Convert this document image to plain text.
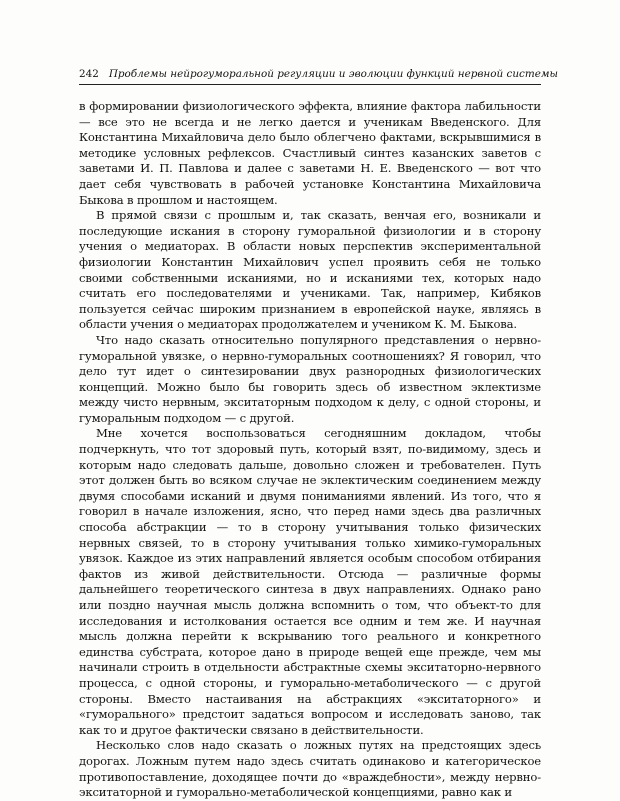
242 Проблемы нейрогуморальной регуляции и эволюции функций нервной системы

в формировании физиологического эффекта, влияние фактора лабильности — все это не всегда и не легко дается и ученикам Введенского. Для Константина Михайловича дело было облегчено фактами, вскрывшимися в методике условных рефлексов. Счастливый синтез казанских заветов с заветами И. П. Павлова и далее с заветами Н. Е. Введенского — вот что дает себя чувствовать в рабочей установке Константина Михайловича Быкова в прошлом и настоящем.

В прямой связи с прошлым и, так сказать, венчая его, возникали и последующие искания в сторону гуморальной физиологии и в сторону учения о медиаторах. В области новых перспектив экспериментальной физиологии Константин Михайлович успел проявить себя не только своими собственными исканиями, но и исканиями тех, которых надо считать его последователями и учениками. Так, например, Кибяков пользуется сейчас широким признанием в европейской науке, являясь в области учения о медиаторах продолжателем и учеником К. М. Быкова.

Что надо сказать относительно популярного представления о нервно-гуморальной увязке, о нервно-гуморальных соотношениях? Я говорил, что дело тут идет о синтезировании двух разнородных физиологических концепций. Можно было бы говорить здесь об известном эклектизме между чисто нервным, экситаторным подходом к делу, с одной стороны, и гуморальным подходом — с другой.

Мне хочется воспользоваться сегодняшним докладом, чтобы подчеркнуть, что тот здоровый путь, который взят, по-видимому, здесь и которым надо следовать дальше, довольно сложен и требователен. Путь этот должен быть во всяком случае не эклектическим соединением между двумя способами исканий и двумя пониманиями явлений. Из того, что я говорил в начале изложения, ясно, что перед нами здесь два различных способа абстракции — то в сторону учитывания только физических нервных связей, то в сторону учитывания только химико-гуморальных увязок. Каждое из этих направлений является особым способом отбирания фактов из живой действительности. Отсюда — различные формы дальнейшего теоретического синтеза в двух направлениях. Однако рано или поздно научная мысль должна вспомнить о том, что объект-то для исследования и истолкования остается все одним и тем же. И научная мысль должна перейти к вскрыванию того реального и конкретного единства субстрата, которое дано в природе вещей еще прежде, чем мы начинали строить в отдельности абстрактные схемы экситаторно-нервного процесса, с одной стороны, и гуморально-метаболического — с другой стороны. Вместо настаивания на абстракциях «экситаторного» и «гуморального» предстоит задаться вопросом и исследовать заново, так как то и другое фактически связано в действительности.

Несколько слов надо сказать о ложных путях на предстоящих здесь дорогах. Ложным путем надо здесь считать одинаково и категорическое противопоставление, доходящее почти до «враждебности», между нервно-экситаторной и гуморально-метаболической концепциями, равно как и
